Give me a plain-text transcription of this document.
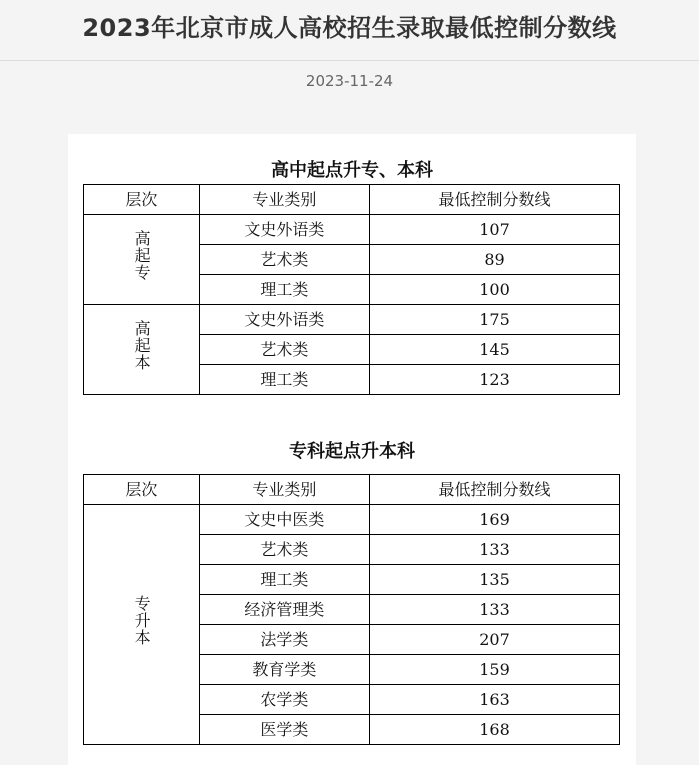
2023年北京市成人高校招生录取最低控制分数线
2023-11-24
高中起点升专、本科
层次	专业类别	最低控制分数线
高起专	文史外语类	107
	艺术类	89
	理工类	100
高起本	文史外语类	175
	艺术类	145
	理工类	123
专科起点升本科
层次	专业类别	最低控制分数线
专升本	文史中医类	169
	艺术类	133
	理工类	135
	经济管理类	133
	法学类	207
	教育学类	159
	农学类	163
	医学类	168
